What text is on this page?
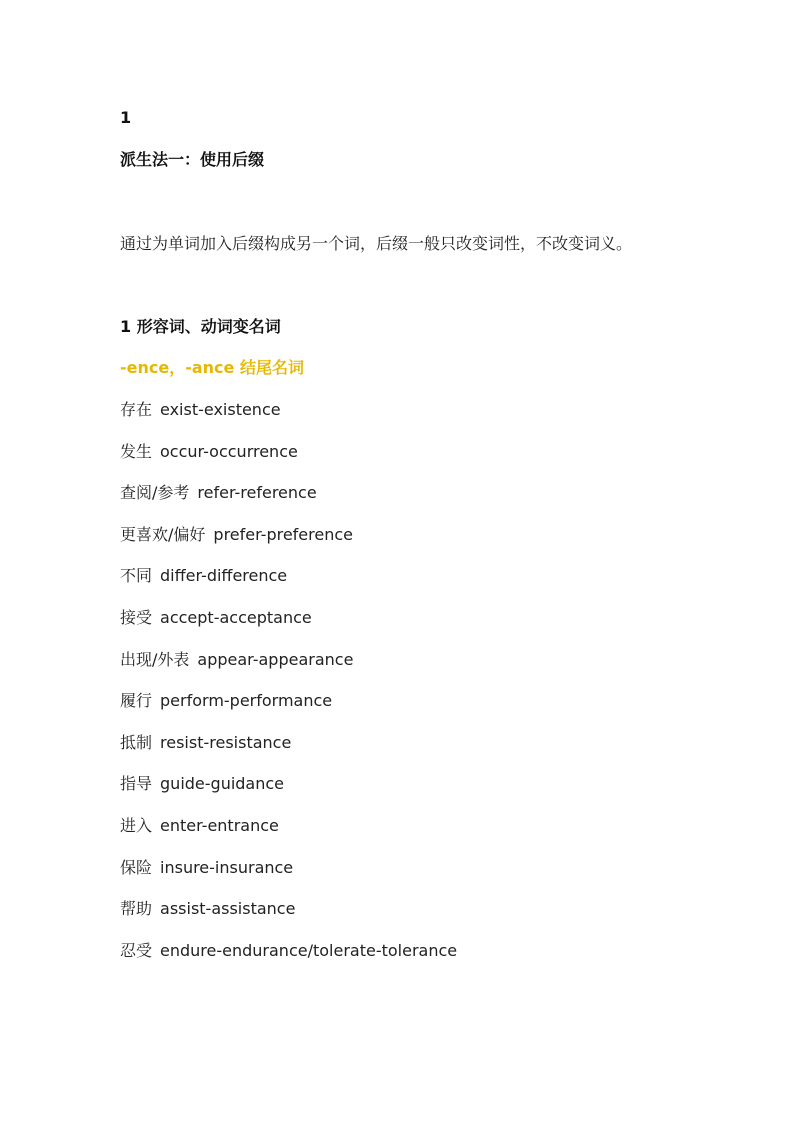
1
派生法一：使用后缀
通过为单词加入后缀构成另一个词，后缀一般只改变词性，不改变词义。
1 形容词、动词变名词
-ence，-ance 结尾名词
存在 exist-existence
发生 occur-occurrence
查阅/参考 refer-reference
更喜欢/偏好 prefer-preference
不同 differ-difference
接受 accept-acceptance
出现/外表 appear-appearance
履行 perform-performance
抵制 resist-resistance
指导 guide-guidance
进入 enter-entrance
保险 insure-insurance
帮助 assist-assistance
忍受 endure-endurance/tolerate-tolerance
